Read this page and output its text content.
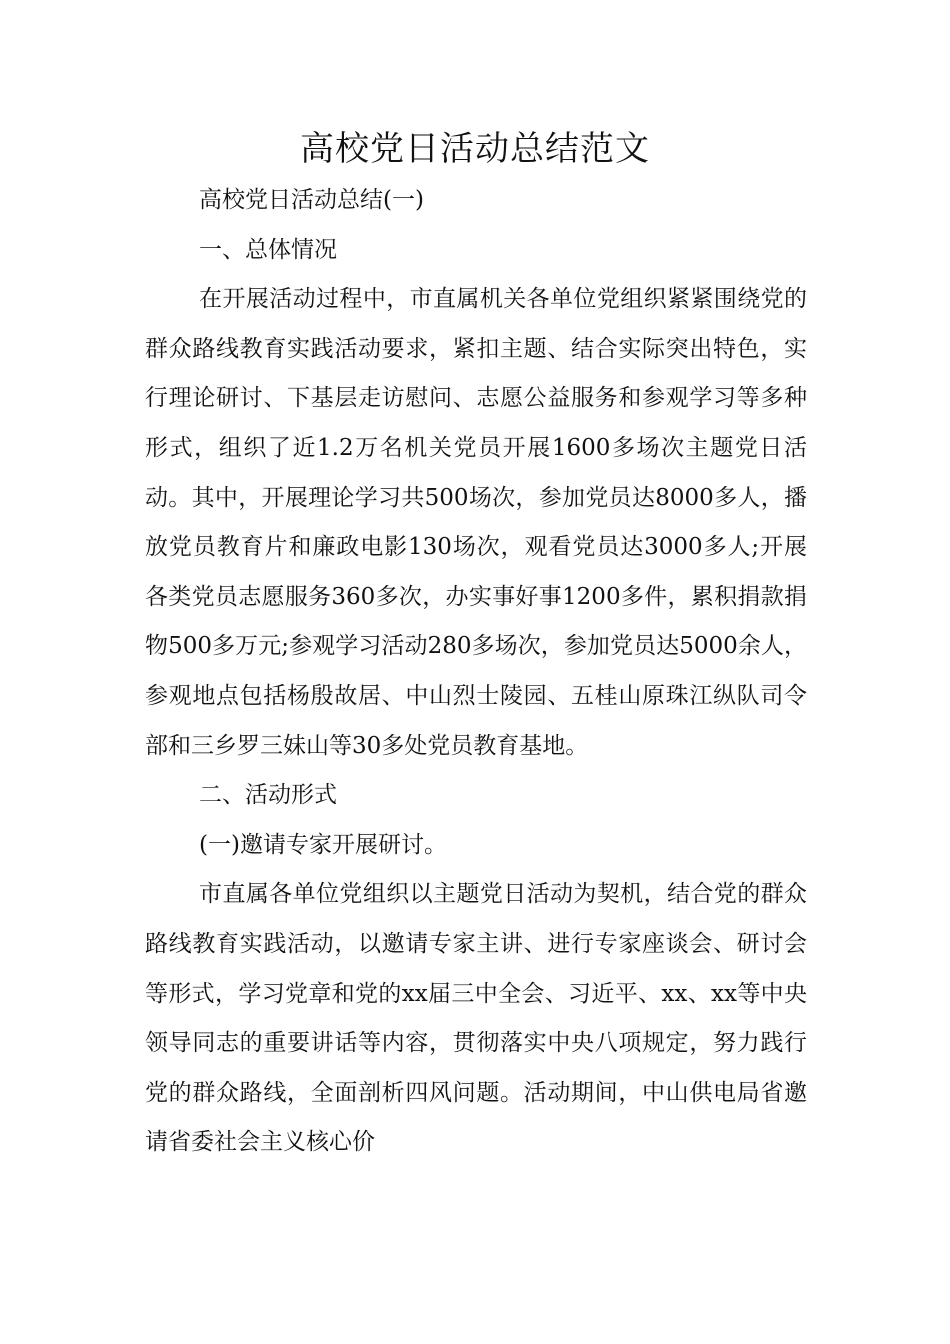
高校党日活动总结范文

高校党日活动总结(一)

一、总体情况

在开展活动过程中，市直属机关各单位党组织紧紧围绕党的群众路线教育实践活动要求，紧扣主题、结合实际突出特色，实行理论研讨、下基层走访慰问、志愿公益服务和参观学习等多种形式，组织了近1.2万名机关党员开展1600多场次主题党日活动。其中，开展理论学习共500场次，参加党员达8000多人，播放党员教育片和廉政电影130场次，观看党员达3000多人;开展各类党员志愿服务360多次，办实事好事1200多件，累积捐款捐物500多万元;参观学习活动280多场次，参加党员达5000余人，参观地点包括杨殷故居、中山烈士陵园、五桂山原珠江纵队司令部和三乡罗三妹山等30多处党员教育基地。

二、活动形式

(一)邀请专家开展研讨。

市直属各单位党组织以主题党日活动为契机，结合党的群众路线教育实践活动，以邀请专家主讲、进行专家座谈会、研讨会等形式，学习党章和党的xx届三中全会、习近平、xx、xx等中央领导同志的重要讲话等内容，贯彻落实中央八项规定，努力践行党的群众路线，全面剖析四风问题。活动期间，中山供电局省邀请省委社会主义核心价
